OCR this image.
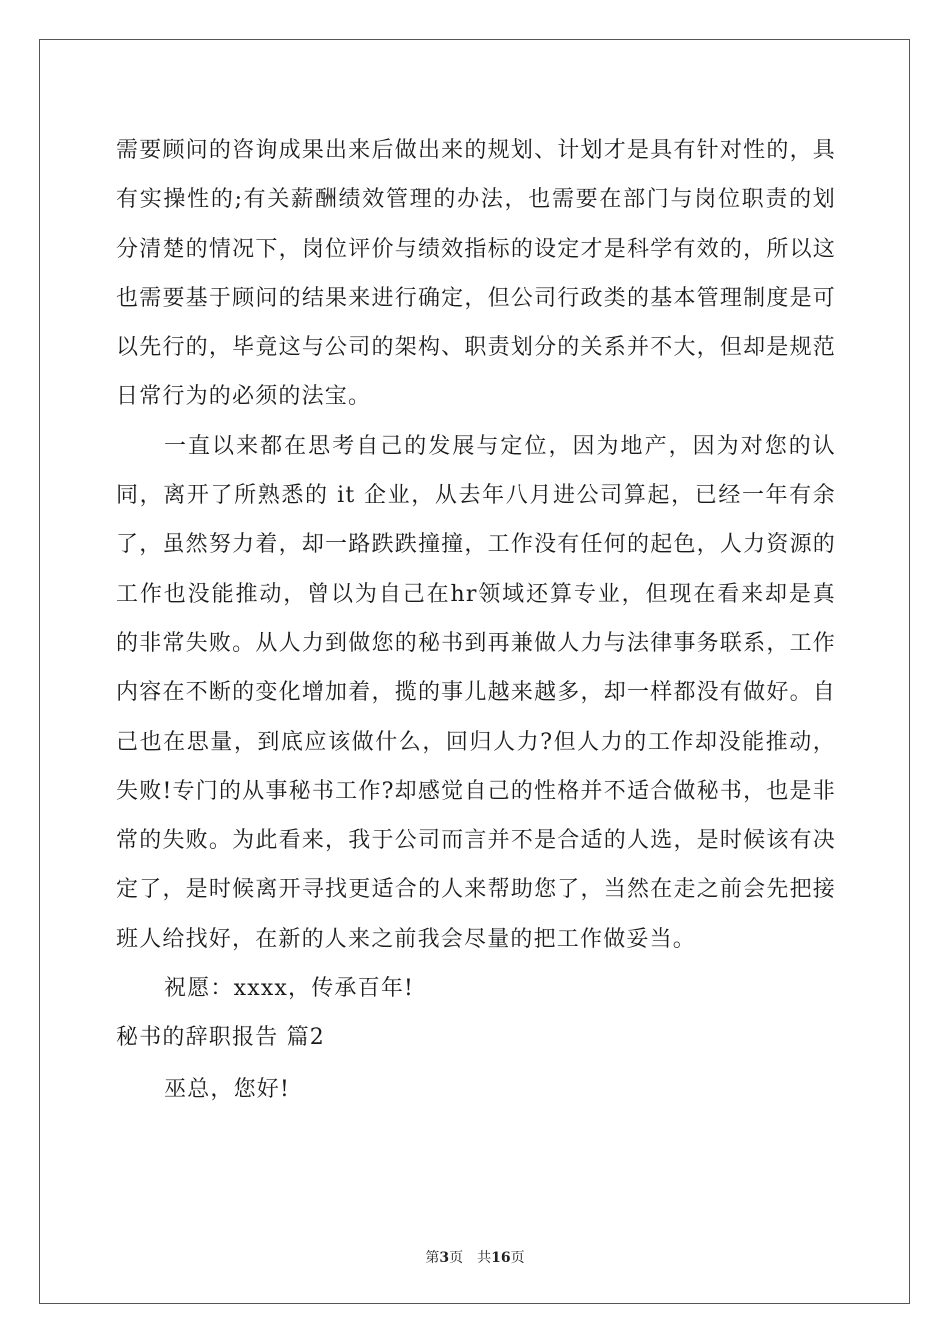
需要顾问的咨询成果出来后做出来的规划、计划才是具有针对性的，具有实操性的;有关薪酬绩效管理的办法，也需要在部门与岗位职责的划分清楚的情况下，岗位评价与绩效指标的设定才是科学有效的，所以这也需要基于顾问的结果来进行确定，但公司行政类的基本管理制度是可以先行的，毕竟这与公司的架构、职责划分的关系并不大，但却是规范日常行为的必须的法宝。

一直以来都在思考自己的发展与定位，因为地产，因为对您的认同，离开了所熟悉的 it 企业，从去年八月进公司算起，已经一年有余了，虽然努力着，却一路跌跌撞撞，工作没有任何的起色，人力资源的工作也没能推动，曾以为自己在hr领域还算专业，但现在看来却是真的非常失败。从人力到做您的秘书到再兼做人力与法律事务联系，工作内容在不断的变化增加着，揽的事儿越来越多，却一样都没有做好。自己也在思量，到底应该做什么，回归人力?但人力的工作却没能推动，失败!专门的从事秘书工作?却感觉自己的性格并不适合做秘书，也是非常的失败。为此看来，我于公司而言并不是合适的人选，是时候该有决定了，是时候离开寻找更适合的人来帮助您了，当然在走之前会先把接班人给找好，在新的人来之前我会尽量的把工作做妥当。

祝愿：xxxx，传承百年!

秘书的辞职报告 篇2

巫总，您好!

第3页 共16页
